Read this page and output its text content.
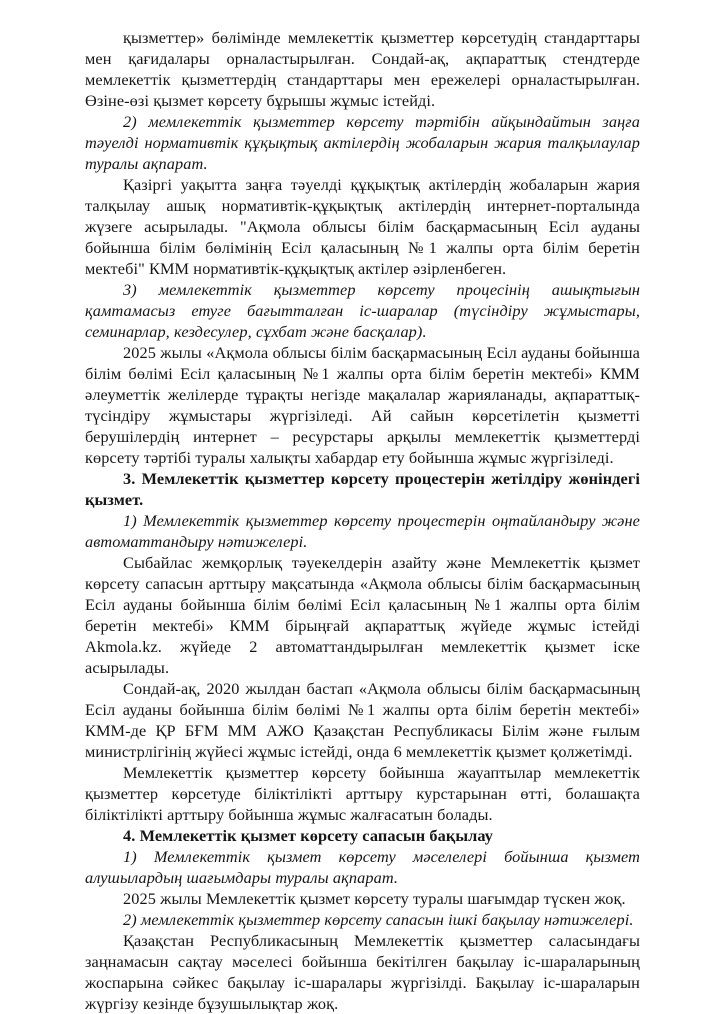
қызметтер» бөлімінде мемлекеттік қызметтер көрсетудің стандарттары мен қағидалары орналастырылған. Сондай-ақ, ақпараттық стендтерде мемлекеттік қызметтердің стандарттары мен ережелері орналастырылған. Өзіне-өзі қызмет көрсету бұрышы жұмыс істейді.

2) мемлекеттік қызметтер көрсету тәртібін айқындайтын заңға тәуелді нормативтік құқықтық актілердің жобаларын жария талқылаулар туралы ақпарат.

Қазіргі уақытта заңға тәуелді құқықтық актілердің жобаларын жария талқылау ашық нормативтік-құқықтық актілердің интернет-порталында жүзеге асырылады. "Ақмола облысы білім басқармасының Есіл ауданы бойынша білім бөлімінің Есіл қаласының №1 жалпы орта білім беретін мектебі" КММ нормативтік-құқықтық актілер әзірленбеген.

3) мемлекеттік қызметтер көрсету процесінің ашықтығын қамтамасыз етуге бағытталған іс-шаралар (түсіндіру жұмыстары, семинарлар, кездесулер, сұхбат және басқалар).

2025 жылы «Ақмола облысы білім басқармасының Есіл ауданы бойынша білім бөлімі Есіл қаласының №1 жалпы орта білім беретін мектебі» КММ әлеуметтік желілерде тұрақты негізде мақалалар жарияланады, ақпараттық-түсіндіру жұмыстары жүргізіледі. Ай сайын көрсетілетін қызметті берушілердің интернет – ресурстары арқылы мемлекеттік қызметтерді көрсету тәртібі туралы халықты хабардар ету бойынша жұмыс жүргізіледі.

3. Мемлекеттік қызметтер көрсету процестерін жетілдіру жөніндегі қызмет.

1) Мемлекеттік қызметтер көрсету процестерін оңтайландыру және автоматтандыру нәтижелері.

Сыбайлас жемқорлық тәуекелдерін азайту және Мемлекеттік қызмет көрсету сапасын арттыру мақсатында «Ақмола облысы білім басқармасының Есіл ауданы бойынша білім бөлімі Есіл қаласының №1 жалпы орта білім беретін мектебі» КММ бірыңғай ақпараттық жүйеде жұмыс істейді Akmola.kz. жүйеде 2 автоматтандырылған мемлекеттік қызмет іске асырылады.

Сондай-ақ, 2020 жылдан бастап «Ақмола облысы білім басқармасының Есіл ауданы бойынша білім бөлімі №1 жалпы орта білім беретін мектебі» КММ-де ҚР БҒМ ММ АЖО Қазақстан Республикасы Білім және ғылым министрлігінің жүйесі жұмыс істейді, онда 6 мемлекеттік қызмет қолжетімді.

Мемлекеттік қызметтер көрсету бойынша жауаптылар мемлекеттік қызметтер көрсетуде біліктілікті арттыру курстарынан өтті, болашақта біліктілікті арттыру бойынша жұмыс жалғасатын болады.

4. Мемлекеттік қызмет көрсету сапасын бақылау

1) Мемлекеттік қызмет көрсету мәселелері бойынша қызмет алушылардың шағымдары туралы ақпарат.

2025 жылы Мемлекеттік қызмет көрсету туралы шағымдар түскен жоқ.

2) мемлекеттік қызметтер көрсету сапасын ішкі бақылау нәтижелері.

Қазақстан Республикасының Мемлекеттік қызметтер саласындағы заңнамасын сақтау мәселесі бойынша бекітілген бақылау іс-шараларының жоспарына сәйкес бақылау іс-шаралары жүргізілді. Бақылау іс-шараларын жүргізу кезінде бұзушылықтар жоқ.
